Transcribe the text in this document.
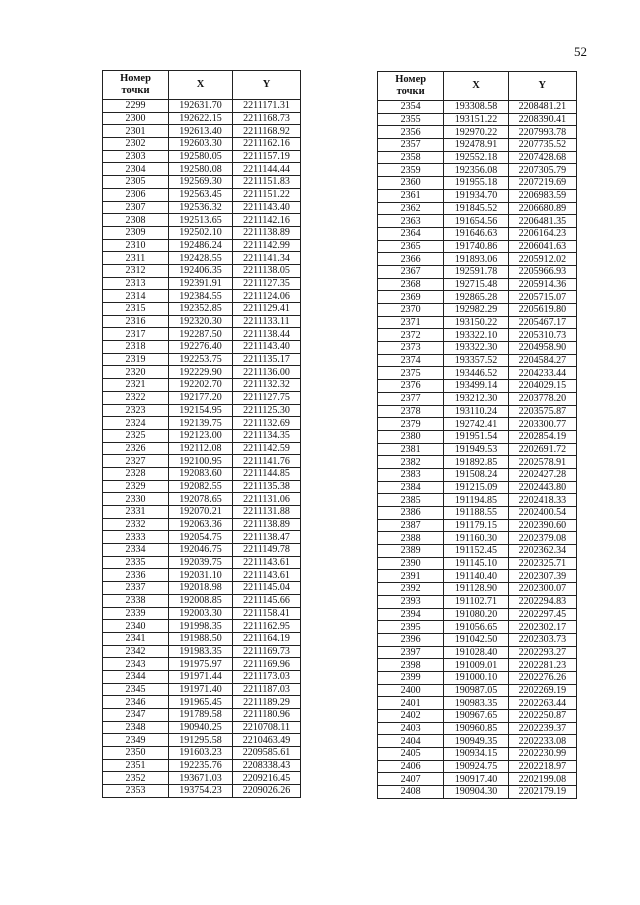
52
Номер
точки	X	Y
2299	192631.70	2211171.31
2300	192622.15	2211168.73
2301	192613.40	2211168.92
2302	192603.30	2211162.16
2303	192580.05	2211157.19
2304	192580.08	2211144.44
2305	192569.30	2211151.83
2306	192563.45	2211151.22
2307	192536.32	2211143.40
2308	192513.65	2211142.16
2309	192502.10	2211138.89
2310	192486.24	2211142.99
2311	192428.55	2211141.34
2312	192406.35	2211138.05
2313	192391.91	2211127.35
2314	192384.55	2211124.06
2315	192352.85	2211129.41
2316	192320.30	2211133.11
2317	192287.50	2211138.44
2318	192276.40	2211143.40
2319	192253.75	2211135.17
2320	192229.90	2211136.00
2321	192202.70	2211132.32
2322	192177.20	2211127.75
2323	192154.95	2211125.30
2324	192139.75	2211132.69
2325	192123.00	2211134.35
2326	192112.08	2211142.59
2327	192100.95	2211141.76
2328	192083.60	2211144.85
2329	192082.55	2211135.38
2330	192078.65	2211131.06
2331	192070.21	2211131.88
2332	192063.36	2211138.89
2333	192054.75	2211138.47
2334	192046.75	2211149.78
2335	192039.75	2211143.61
2336	192031.10	2211143.61
2337	192018.98	2211145.04
2338	192008.85	2211145.66
2339	192003.30	2211158.41
2340	191998.35	2211162.95
2341	191988.50	2211164.19
2342	191983.35	2211169.73
2343	191975.97	2211169.96
2344	191971.44	2211173.03
2345	191971.40	2211187.03
2346	191965.45	2211189.29
2347	191789.58	2211180.96
2348	190940.25	2210708.11
2349	191295.58	2210463.49
2350	191603.23	2209585.61
2351	192235.76	2208338.43
2352	193671.03	2209216.45
2353	193754.23	2209026.26
Номер
точки	X	Y
2354	193308.58	2208481.21
2355	193151.22	2208390.41
2356	192970.22	2207993.78
2357	192478.91	2207735.52
2358	192552.18	2207428.68
2359	192356.08	2207305.79
2360	191955.18	2207219.69
2361	191934.70	2206983.59
2362	191845.52	2206680.89
2363	191654.56	2206481.35
2364	191646.63	2206164.23
2365	191740.86	2206041.63
2366	191893.06	2205912.02
2367	192591.78	2205966.93
2368	192715.48	2205914.36
2369	192865.28	2205715.07
2370	192982.29	2205619.80
2371	193150.22	2205467.17
2372	193322.10	2205310.73
2373	193322.30	2204958.90
2374	193357.52	2204584.27
2375	193446.52	2204233.44
2376	193499.14	2204029.15
2377	193212.30	2203778.20
2378	193110.24	2203575.87
2379	192742.41	2203300.77
2380	191951.54	2202854.19
2381	191949.53	2202691.72
2382	191892.85	2202578.91
2383	191508.24	2202427.28
2384	191215.09	2202443.80
2385	191194.85	2202418.33
2386	191188.55	2202400.54
2387	191179.15	2202390.60
2388	191160.30	2202379.08
2389	191152.45	2202362.34
2390	191145.10	2202325.71
2391	191140.40	2202307.39
2392	191128.90	2202300.07
2393	191102.71	2202294.83
2394	191080.20	2202297.45
2395	191056.65	2202302.17
2396	191042.50	2202303.73
2397	191028.40	2202293.27
2398	191009.01	2202281.23
2399	191000.10	2202276.26
2400	190987.05	2202269.19
2401	190983.35	2202263.44
2402	190967.65	2202250.87
2403	190960.85	2202239.37
2404	190949.35	2202233.08
2405	190934.15	2202230.99
2406	190924.75	2202218.97
2407	190917.40	2202199.08
2408	190904.30	2202179.19
